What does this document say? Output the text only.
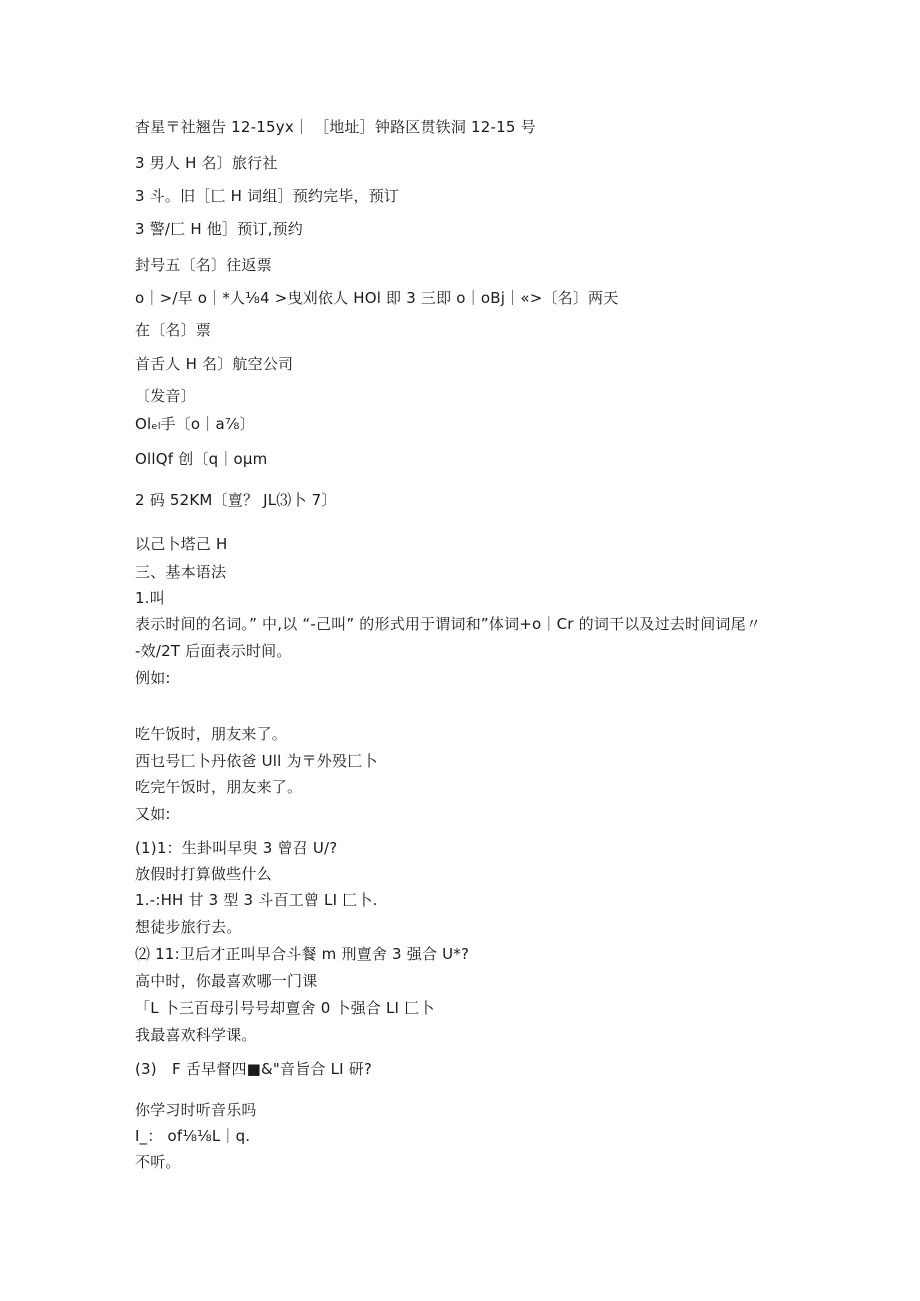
杳星〒社翘告 12-15yx｜ ［地址］钟路区贯铁洞 12-15 号
3 男人 H 名〕旅行社
3 斗。旧［匚 H 词组］预约完毕，预订
3 警/匚 H 他］预订,预约
封号五〔名〕往返票
o｜>/早 o｜*人⅛4 >曳刈依人 HOl 即 3 三即 o｜oBj｜«>〔名〕两天
在〔名〕票
首舌人 H 名〕航空公司
〔发音〕
Olₑₗ手〔o｜a⅞〕
OllQf 创〔q｜oμm
2 码 52KM〔亶？ JL⑶卜 7〕
以己卜塔己 H
三、基本语法
1.叫
表示时间的名词。” 中,以 “-己叫” 的形式用于谓词和”体词+o｜Cr 的词干以及过去时间词尾〃
-效/2T 后面表示时间。
例如:
吃午饭时，朋友来了。
西乜号匚卜丹依爸 Ull 为〒外殁匚卜
吃完午饭时，朋友来了。
又如:
(1)1：生卦叫早臾 3 曾召 U/?
放假时打算做些什么
1.-:HH 甘 3 型 3 斗百工曾 LI 匚卜.
想徒步旅行去。
⑵ 11:卫后才正叫早合斗餐 m 刑亶舍 3 强合 U*?
高中时，你最喜欢哪一门课
「L 卜三百母引号号却亶舍 0 卜强合 LI 匚卜
我最喜欢科学课。
(3)　F 舌早督四■&"音旨合 LI 研?
你学习时听音乐吗
I_： of⅛⅛L｜q.
不听。
